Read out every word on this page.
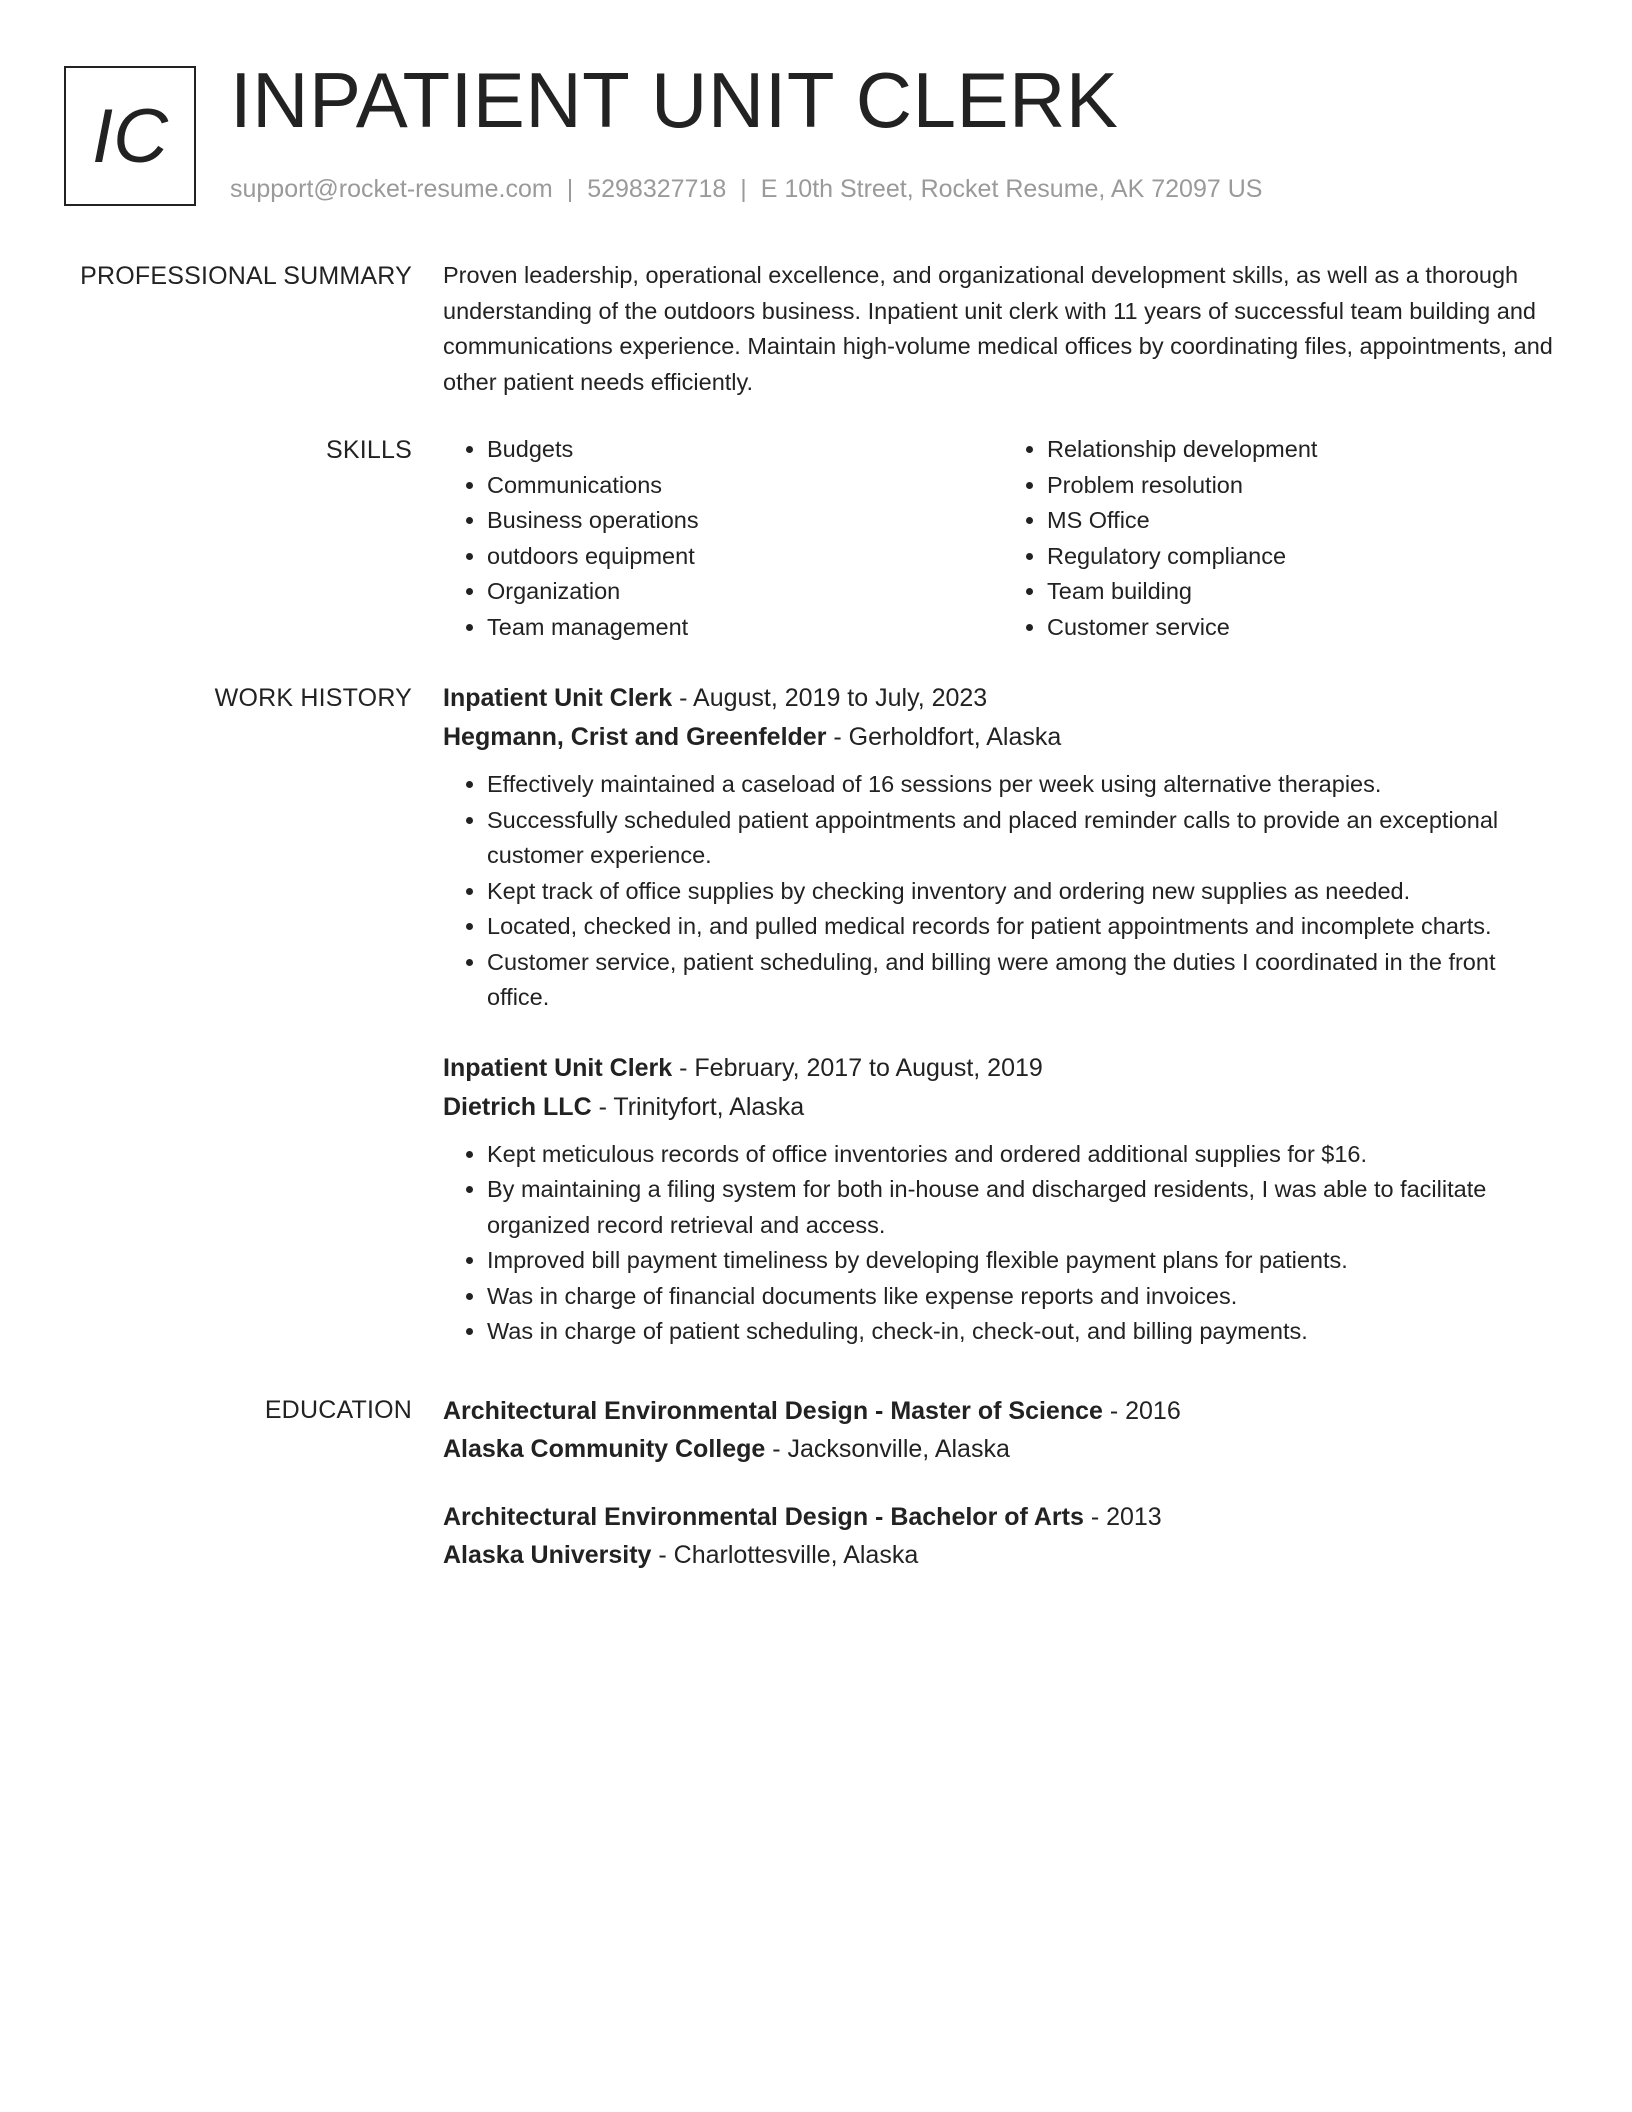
IC INPATIENT UNIT CLERK
support@rocket-resume.com | 5298327718 | E 10th Street, Rocket Resume, AK 72097 US
PROFESSIONAL SUMMARY Proven leadership, operational excellence, and organizational development skills, as well as a thorough understanding of the outdoors business. Inpatient unit clerk with 11 years of successful team building and communications experience. Maintain high-volume medical offices by coordinating files, appointments, and other patient needs efficiently.

SKILLS
•	Budgets
• Communications
• Business operations
• outdoors equipment
• Organization
• Team management
• Relationship development
• Problem resolution
• MS Office
• Regulatory compliance
• Team building
• Customer service
WORK HISTORY Inpatient Unit Clerk - August, 2019 to July, 2023

Hegmann, Crist and Greenfelder - Gerholdfort, Alaska

• Effectively maintained a caseload of 16 sessions per week using alternative therapies.
• Successfully scheduled patient appointments and placed reminder calls to provide an exceptional customer experience.
• Kept track of office supplies by checking inventory and ordering new supplies as needed.
• Located, checked in, and pulled medical records for patient appointments and incomplete charts.
• Customer service, patient scheduling, and billing were among the duties I coordinated in the front office.

Inpatient Unit Clerk - February, 2017 to August, 2019

Dietrich LLC - Trinityfort, Alaska

• Kept meticulous records of office inventories and ordered additional supplies for $16.
• By maintaining a filing system for both in-house and discharged residents, I was able to facilitate organized record retrieval and access.
• Improved bill payment timeliness by developing flexible payment plans for patients.
• Was in charge of financial documents like expense reports and invoices.
• Was in charge of patient scheduling, check-in, check-out, and billing payments.
EDUCATION Architectural Environmental Design - Master of Science - 2016

Alaska Community College - Jacksonville, Alaska

Architectural Environmental Design - Bachelor of Arts - 2013

Alaska University - Charlottesville, Alaska
